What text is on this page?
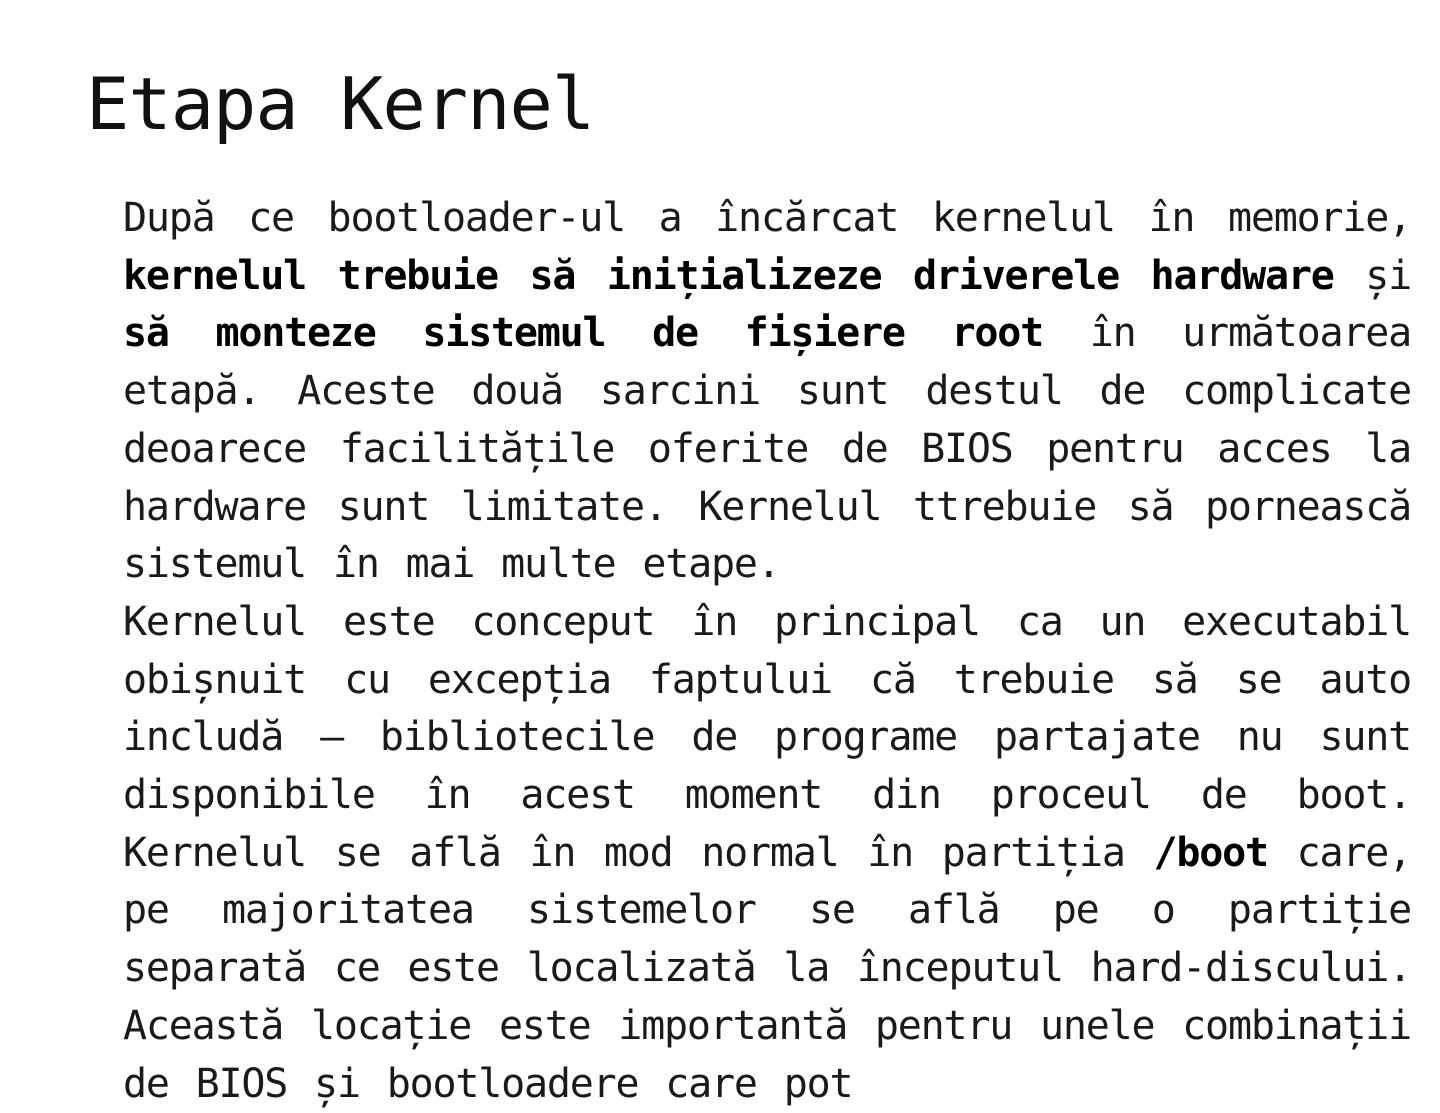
Etapa Kernel

După ce bootloader-ul a încărcat kernelul în memorie, kernelul trebuie să inițializeze driverele hardware și să monteze sistemul de fișiere root în următoarea etapă. Aceste două sarcini sunt destul de complicate deoarece facilitățile oferite de BIOS pentru acces la hardware sunt limitate. Kernelul ttrebuie să pornească sistemul în mai multe etape.

Kernelul este conceput în principal ca un executabil obișnuit cu excepția faptului că trebuie să se auto includă — bibliotecile de programe partajate nu sunt disponibile în acest moment din proceul de boot. Kernelul se află în mod normal în partiția /boot care, pe majoritatea sistemelor se află pe o partiție separată ce este localizată la începutul hard-discului. Această locație este importantă pentru unele combinații de BIOS și bootloadere care pot
